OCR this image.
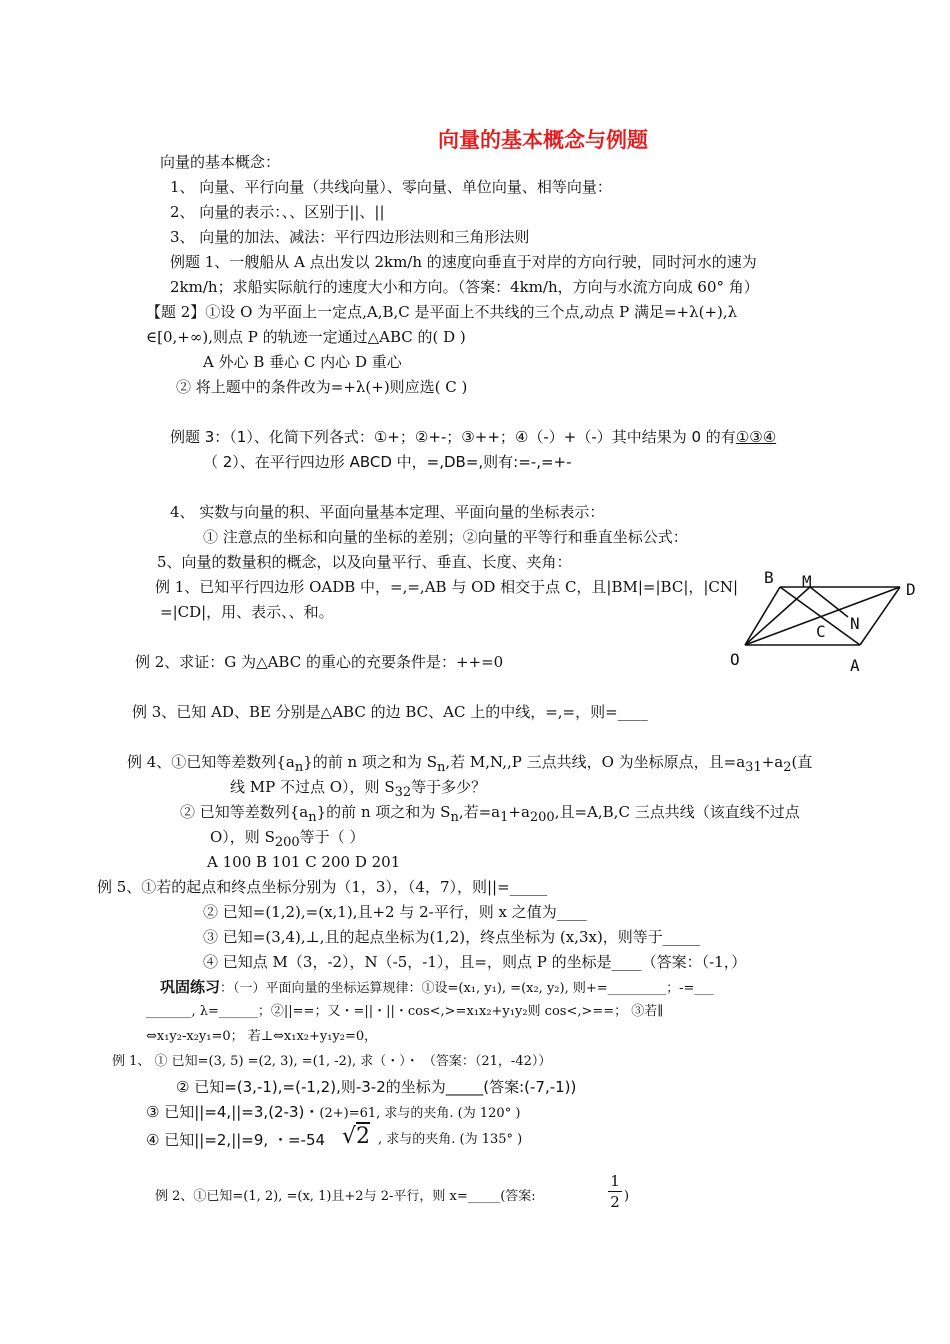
向量的基本概念与例题
向量的基本概念：
1、 向量、平行向量（共线向量）、零向量、单位向量、相等向量：
2、 向量的表示：、、区别于||、||
3、 向量的加法、减法：平行四边形法则和三角形法则
例题 1、一艘船从 A 点出发以 2km/h 的速度向垂直于对岸的方向行驶，同时河水的速为
2km/h；求船实际航行的速度大小和方向。（答案：4km/h，方向与水流方向成 60° 角）
【题 2】①设 O 为平面上一定点,A,B,C 是平面上不共线的三个点,动点 P 满足=+λ(+),λ
∈[0,+∞),则点 P 的轨迹一定通过△ABC 的( D )
A 外心 B 垂心 C 内心 D 重心
② 将上题中的条件改为=+λ(+)则应选( C )
例题 3：（1）、化简下列各式：①+；②+-；③++；④（-）+（-）其中结果为 0 的有①③④
（ 2）、在平行四边形 ABCD 中，=,DB=,则有:=-,=+-
4、 实数与向量的积、平面向量基本定理、平面向量的坐标表示：
① 注意点的坐标和向量的坐标的差别；②向量的平等行和垂直坐标公式：
5、向量的数量积的概念，以及向量平行、垂直、长度、夹角：
例 1、已知平行四边形 OADB 中，=,=,AB 与 OD 相交于点 C，且|BM|=|BC|，|CN|
=|CD|，用、表示、、和。
B M	D
C N
O	A
例 2、求证：G 为△ABC 的重心的充要条件是：++=0
例 3、已知 AD、BE 分别是△ABC 的边 BC、AC 上的中线，=,=，则=____
例 4、①已知等差数列$\{a_n\}$的前 n 项之和为 $S_n$,若 M,N,,P 三点共线，O 为坐标原点，且$=a_{31}+a_2$(直
线 MP 不过点 O），则 $S_{32}$等于多少？
② 已知等差数列$\{a_n\}$的前 n 项之和为 $S_n$,若$=a_1+a_{200}$,且=A,B,C 三点共线（该直线不过点
O），则 $S_{200}$等于（ ）
A 100 B 101 C 200 D 201
例 5、①若的起点和终点坐标分别为（1，3），（4，7），则||=_____
② 已知=(1,2),=(x,1),且+2 与 2-平行，则 x 之值为____
③ 已知=(3,4),⊥,且的起点坐标为(1,2)，终点坐标为 (x,3x)，则等于_____
④ 已知点 M（3，-2），N（-5，-1），且=，则点 P 的坐标是____（答案：（-1，）
巩固练习：（一）平面向量的坐标运算规律：①设=(x₁, y₁), =(x₂, y₂), 则+=_________；-=___
_______, λ=______；②||==；又・=||・||・cos<,>=x₁x₂+y₁y₂则 cos<,>==； ③若∥
⇔x₁y₂-x₂y₁=0； 若⊥⇔x₁x₂+y₁y₂=0，
例 1、 ① 已知=(3, 5) =(2, 3), =(1, -2), 求（・）・ （答案：（21，-42））
② 已知=(3,-1),=(-1,2),则-3-2的坐标为_____(答案:(-7,-1))
③ 已知||=4,||=3,(2-3)・(2+)=61, 求与的夹角. (为 120° )
④ 已知||=2,||=9, ・=-54 √2 , 求与的夹角. (为 135° )
例 2、①已知=(1, 2), =(x, 1)且+2与 2-平行，则 x=_____(答案:
1
2 )
